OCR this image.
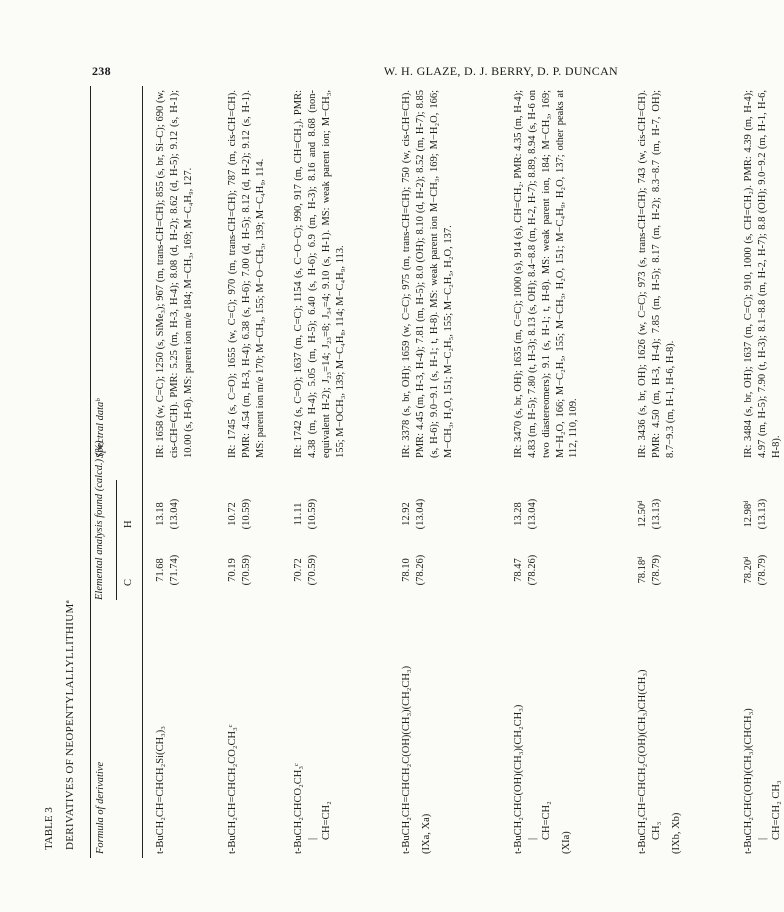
238	W. H. GLAZE, D. J. BERRY, D. P. DUNCAN
TABLE 3 DERIVATIVES OF NEOPENTYLALLYLLITHIUMª Formula of derivative
Elemental analysis found (calcd.) (%) C
H
Spectral dataᵇ
t-BuCH₂CH=CHCH₂Si(CH₃)₃
71.68 (71.74)
13.18 (13.04)
IR: 1658 (w, C=C); 1250 (s, SiMe₃); 967 (m, trans-CH=CH); 855 (s, br, Si–C); 690 (w, cis-CH=CH). PMR: 5.25 (m, H-3, H-4); 8.08 (d, H-2); 8.62 (d, H-5); 9.12 (s, H-1); 10.00 (s, H-6). MS: parent ion m/e 184; M−CH₃, 169; M−C₄H₉, 127.
t-BuCH₂CH=CHCH₂CO₂CH₃ᶜ
70.19 (70.59)
10.72 (10.59)
IR: 1745 (s, C=O); 1655 (w, C=C); 970 (m, trans-CH=CH); 787 (m, cis-CH=CH). PMR: 4.54 (m, H-3, H-4); 6.38 (s, H-6); 7.00 (d, H-5); 8.12 (d, H-2); 9.12 (s, H-1). MS: parent ion m/e 170; M−CH₃, 155; M−O−CH₃, 139; M−C₄H₉, 114.
t-BuCH₂CHCO₂CH₃ᶜ | CH=CH₂
70.72 (70.59)
11.11 (10.59)
IR: 1742 (s, C=O); 1637 (m, C=C); 1154 (s, C−O−C); 990, 917 (m, CH=CH₂). PMR: 4.38 (m, H-4); 5.05 (m, H-5); 6.40 (s, H-6); 6.9 (m, H-3); 8.16 and 8.68 (non-equivalent H-2); J₂₃=14; J₂₃=8; J₃₄=4; 9.10 (s, H-1). MS: weak parent ion; M−CH₃, 155; M−OCH₃, 139; M−C₄H₈, 114; M−C₄H₉, 113.
t-BuCH₂CH=CHCH₂C(OH)(CH₃)(CH₂CH₃) (IXa, Xa)
78.10 (78.26)
12.92 (13.04)
IR: 3378 (s, br, OH); 1659 (w, C=C); 975 (m, trans-CH=CH); 750 (w, cis-CH=CH). PMR: 4.45 (m, H-3, H-4); 7.81 (m, H-5); 8.0 (OH); 8.10 (d, H-2); 8.52 (m, H-7); 8.85 (s, H-6); 9.0−9.1 (s, H-1; t, H-8). MS: weak parent ion M−CH₃, 169; M−H₂O, 166; M−CH₃, H₂O, 151; M−C₂H₅, 155; M−C₂H₅, H₂O, 137.
t-BuCH₂CHC(OH)(CH₃)(CH₂CH₃) | CH=CH₂
(XIa)
78.47 (78.26)
13.28 (13.04)
IR: 3470 (s, br, OH); 1635 (m, C=C); 1000 (s), 914 (s), CH=CH₂. PMR: 4.35 (m, H-4); 4.83 (m, H-5); 7.80 (t, H-3); 8.13 (s, OH); 8.4−8.8 (m, H-2, H-7); 8.89, 8.94 (s, H-6 on two diastereomers); 9.1 (s, H-1; t, H-8). MS: weak parent ion, 184; M−CH₃, 169; M−H₂O, 166; M−C₂H₅, 155; M−CH₃, H₂O, 151; M−C₄H₉, H₂O, 137; other peaks at 112, 110, 109.
t-BuCH₂CH=CHCH₂C(OH)(CH₃)CH(CH₃) CH₃ (IXb, Xb)
78.18ᵈ (78.79)
12.50ᵈ (13.13)
IR: 3436 (s, br, OH); 1626 (w, C=C); 973 (s, trans-CH=CH); 743 (w, cis-CH=CH). PMR: 4.50 (m, H-3, H-4); 7.85 (m, H-5); 8.17 (m, H-2); 8.3−8.7 (m, H-7, OH); 8.7−9.3 (m, H-1, H-6, H-8).
t-BuCH₂CHC(OH)(CH₃)(CHCH₃) | CH=CH₂ CH₃
78.20ᵈ (78.79)
12.98ᵈ (13.13)
IR: 3484 (s, br, OH); 1637 (m, C=C); 910, 1000 (s, CH=CH₂). PMR: 4.39 (m, H-4); 4.97 (m, H-5); 7.90 (t, H-3); 8.1−8.8 (m, H-2, H-7); 8.8 (OH); 9.0−9.2 (m, H-1, H-6, H-8).
